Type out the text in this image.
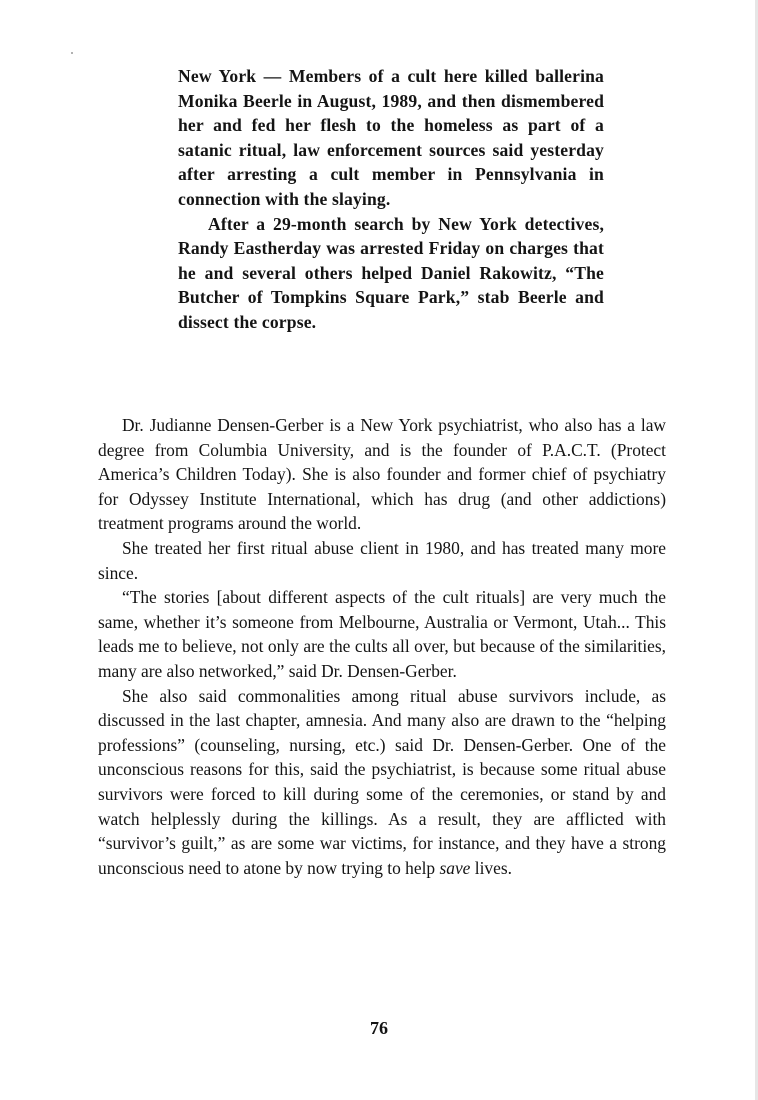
New York — Members of a cult here killed ballerina Monika Beerle in August, 1989, and then dismembered her and fed her flesh to the homeless as part of a satanic ritual, law enforcement sources said yesterday after arresting a cult member in Pennsylvania in connection with the slaying.

After a 29-month search by New York detectives, Randy Eastherday was arrested Friday on charges that he and several others helped Daniel Rakowitz, “The Butcher of Tompkins Square Park,” stab Beerle and dissect the corpse.

Dr. Judianne Densen-Gerber is a New York psychiatrist, who also has a law degree from Columbia University, and is the founder of P.A.C.T. (Protect America’s Children Today). She is also founder and former chief of psychiatry for Odyssey Institute International, which has drug (and other addictions) treatment programs around the world.

She treated her first ritual abuse client in 1980, and has treated many more since.

“The stories [about different aspects of the cult rituals] are very much the same, whether it’s someone from Melbourne, Australia or Vermont, Utah... This leads me to believe, not only are the cults all over, but because of the similarities, many are also networked,” said Dr. Densen-Gerber.

She also said commonalities among ritual abuse survivors include, as discussed in the last chapter, amnesia. And many also are drawn to the “helping professions” (counseling, nursing, etc.) said Dr. Densen-Gerber. One of the unconscious reasons for this, said the psychiatrist, is because some ritual abuse survivors were forced to kill during some of the ceremonies, or stand by and watch helplessly during the killings. As a result, they are afflicted with “survivor’s guilt,” as are some war victims, for instance, and they have a strong unconscious need to atone by now trying to help save lives.

76
